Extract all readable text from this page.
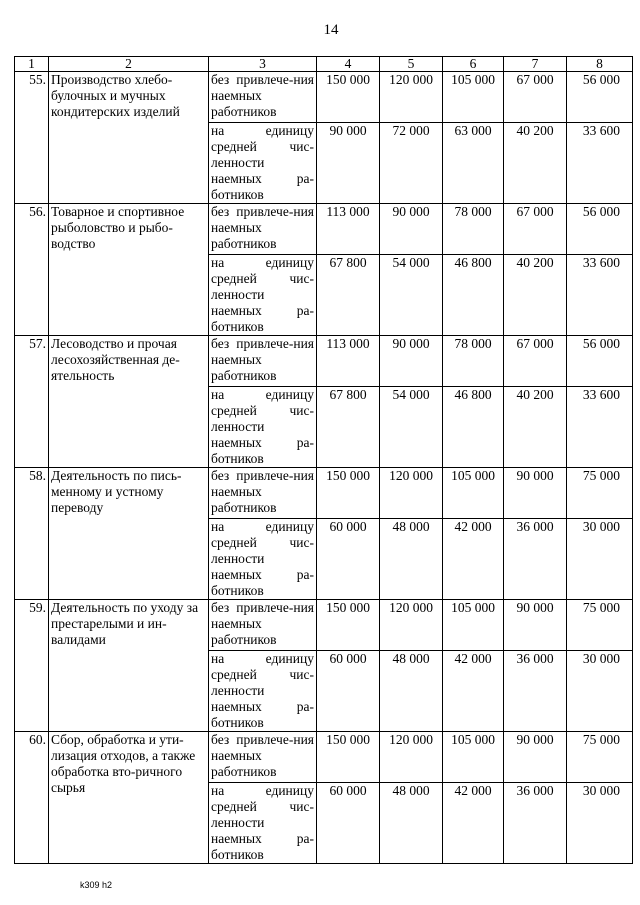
14
1	2	3	4	5	6	7	8
55.	Производство хлебо-булочных и мучных кондитерских изделий	без привлече-ния наемных работников	150 000	120 000	105 000	67 000	56 000
		на единицу средней чис-ленности наемных ра-ботников	90 000	72 000	63 000	40 200	33 600
56.	Товарное и спортивное рыболовство и рыбо-водство	без привлече-ния наемных работников	113 000	90 000	78 000	67 000	56 000
		на единицу средней чис-ленности наемных ра-ботников	67 800	54 000	46 800	40 200	33 600
57.	Лесоводство и прочая лесохозяйственная де-ятельность	без привлече-ния наемных работников	113 000	90 000	78 000	67 000	56 000
		на единицу средней чис-ленности наемных ра-ботников	67 800	54 000	46 800	40 200	33 600
58.	Деятельность по пись-менному и устному переводу	без привлече-ния наемных работников	150 000	120 000	105 000	90 000	75 000
		на единицу средней чис-ленности наемных ра-ботников	60 000	48 000	42 000	36 000	30 000
59.	Деятельность по уходу за престарелыми и ин-валидами	без привлече-ния наемных работников	150 000	120 000	105 000	90 000	75 000
		на единицу средней чис-ленности наемных ра-ботников	60 000	48 000	42 000	36 000	30 000
60.	Сбор, обработка и ути-лизация отходов, а также обработка вто-ричного сырья	без привлече-ния наемных работников	150 000	120 000	105 000	90 000	75 000
		на единицу средней чис-ленности наемных ра-ботников	60 000	48 000	42 000	36 000	30 000
k309 h2
